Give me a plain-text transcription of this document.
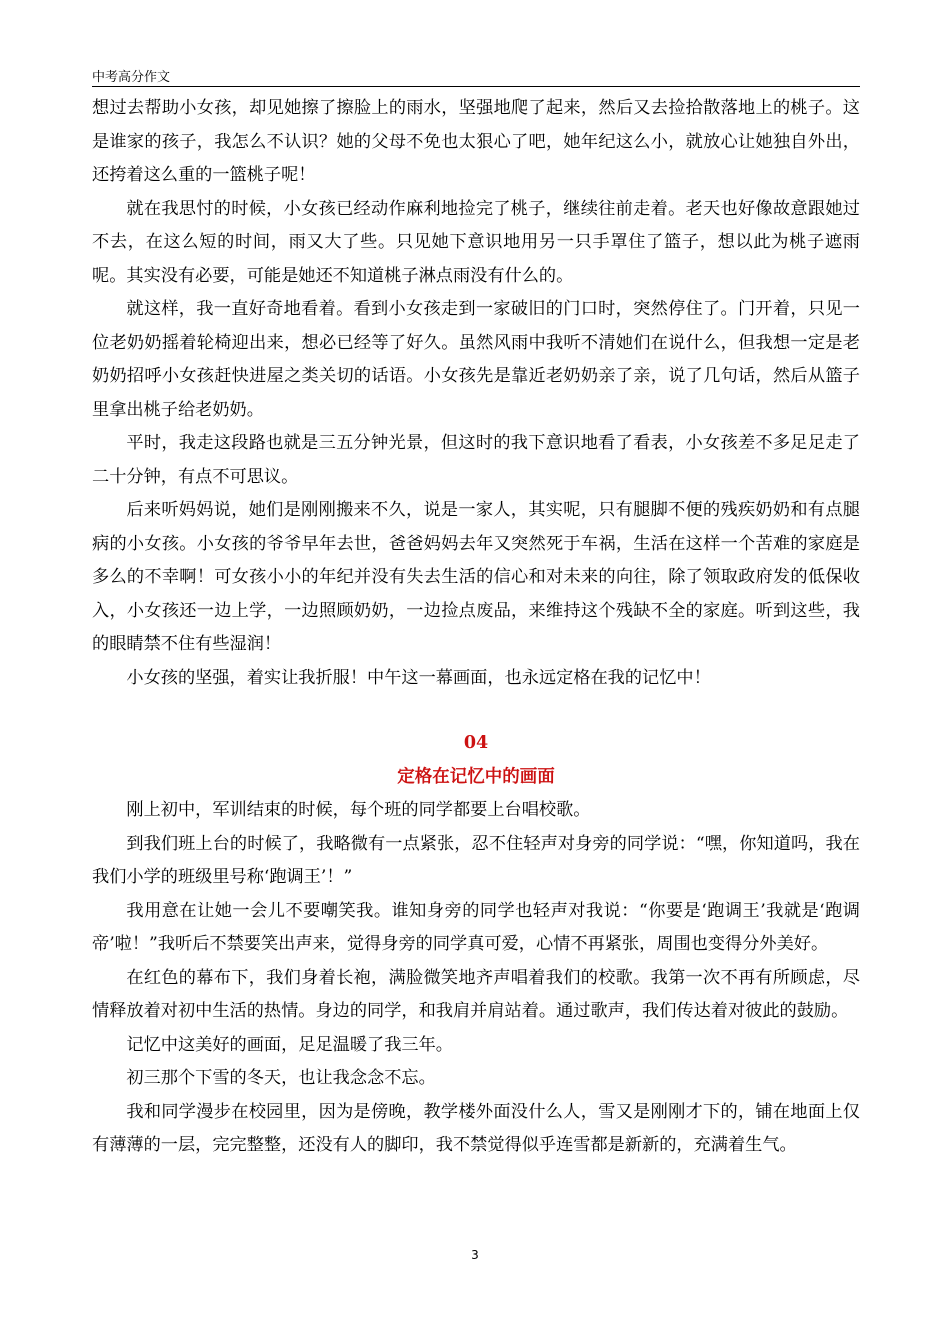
中考高分作文

想过去帮助小女孩，却见她擦了擦脸上的雨水，坚强地爬了起来，然后又去捡拾散落地上的桃子。这是谁家的孩子，我怎么不认识？她的父母不免也太狠心了吧，她年纪这么小，就放心让她独自外出，还挎着这么重的一篮桃子呢！

就在我思忖的时候，小女孩已经动作麻利地捡完了桃子，继续往前走着。老天也好像故意跟她过不去，在这么短的时间，雨又大了些。只见她下意识地用另一只手罩住了篮子，想以此为桃子遮雨呢。其实没有必要，可能是她还不知道桃子淋点雨没有什么的。

就这样，我一直好奇地看着。看到小女孩走到一家破旧的门口时，突然停住了。门开着，只见一位老奶奶摇着轮椅迎出来，想必已经等了好久。虽然风雨中我听不清她们在说什么，但我想一定是老奶奶招呼小女孩赶快进屋之类关切的话语。小女孩先是靠近老奶奶亲了亲，说了几句话，然后从篮子里拿出桃子给老奶奶。

平时，我走这段路也就是三五分钟光景，但这时的我下意识地看了看表，小女孩差不多足足走了二十分钟，有点不可思议。

后来听妈妈说，她们是刚刚搬来不久，说是一家人，其实呢，只有腿脚不便的残疾奶奶和有点腿病的小女孩。小女孩的爷爷早年去世，爸爸妈妈去年又突然死于车祸，生活在这样一个苦难的家庭是多么的不幸啊！可女孩小小的年纪并没有失去生活的信心和对未来的向往，除了领取政府发的低保收入，小女孩还一边上学，一边照顾奶奶，一边捡点废品，来维持这个残缺不全的家庭。听到这些，我的眼睛禁不住有些湿润！

小女孩的坚强，着实让我折服！中午这一幕画面，也永远定格在我的记忆中！

04

定格在记忆中的画面

刚上初中，军训结束的时候，每个班的同学都要上台唱校歌。

到我们班上台的时候了，我略微有一点紧张，忍不住轻声对身旁的同学说：“嘿，你知道吗，我在我们小学的班级里号称‘跑调王’！”

我用意在让她一会儿不要嘲笑我。谁知身旁的同学也轻声对我说：“你要是‘跑调王’我就是‘跑调帝’啦！”我听后不禁要笑出声来，觉得身旁的同学真可爱，心情不再紧张，周围也变得分外美好。

在红色的幕布下，我们身着长袍，满脸微笑地齐声唱着我们的校歌。我第一次不再有所顾虑，尽情释放着对初中生活的热情。身边的同学，和我肩并肩站着。通过歌声，我们传达着对彼此的鼓励。

记忆中这美好的画面，足足温暖了我三年。

初三那个下雪的冬天，也让我念念不忘。

我和同学漫步在校园里，因为是傍晚，教学楼外面没什么人，雪又是刚刚才下的，铺在地面上仅有薄薄的一层，完完整整，还没有人的脚印，我不禁觉得似乎连雪都是新新的，充满着生气。

3
